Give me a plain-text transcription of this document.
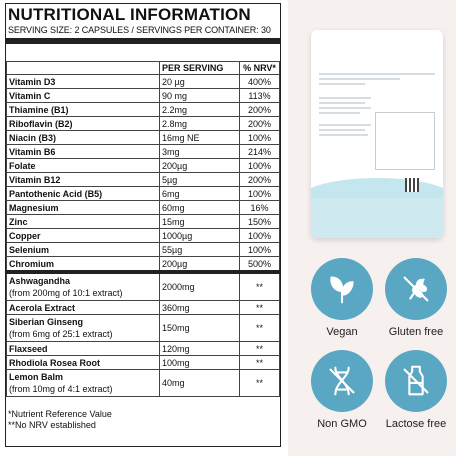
NUTRITIONAL INFORMATION
SERVING SIZE: 2 CAPSULES / SERVINGS PER CONTAINER: 30
	PER SERVING	% NRV*
Vitamin D3	20 µg	400%
Vitamin C	90 mg	113%
Thiamine (B1)	2.2mg	200%
Riboflavin (B2)	2.8mg	200%
Niacin (B3)	16mg NE	100%
Vitamin B6	3mg	214%
Folate	200µg	100%
Vitamin B12	5µg	200%
Pantothenic Acid (B5)	6mg	100%
Magnesium	60mg	16%
Zinc	15mg	150%
Copper	1000µg	100%
Selenium	55µg	100%
Chromium	200µg	500%
Ashwagandha
(from 200mg of 10:1 extract)	2000mg	**
Acerola Extract	360mg	**
Siberian Ginseng
(from 6mg of 25:1 extract)	150mg	**
Flaxseed	120mg	**
Rhodiola Rosea Root	100mg	**
Lemon Balm
(from 10mg of 4:1 extract)	40mg	**
*Nutrient Reference Value
**No NRV established
Vegan	Gluten free
Non GMO	Lactose free
